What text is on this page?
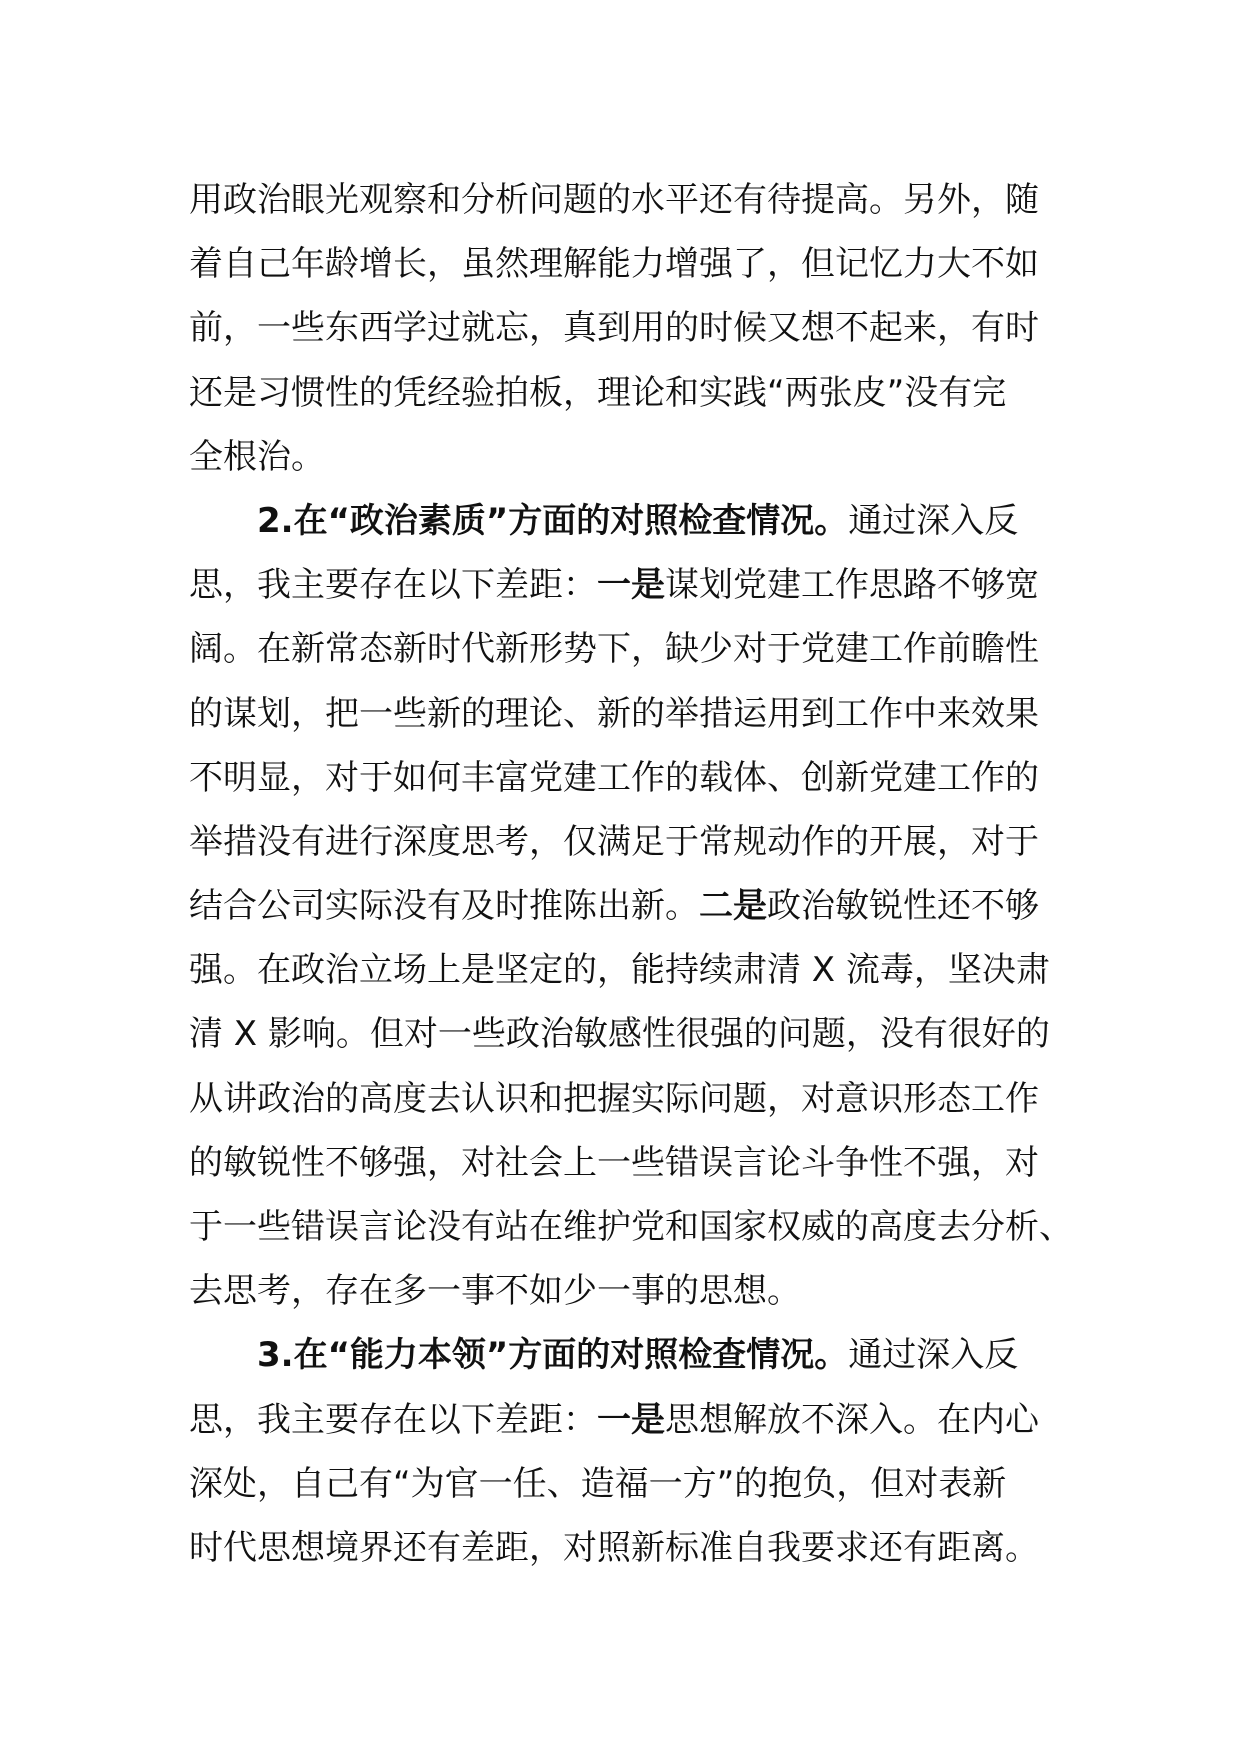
用政治眼光观察和分析问题的水平还有待提高。另外，随
着自己年龄增长，虽然理解能力增强了，但记忆力大不如
前，一些东西学过就忘，真到用的时候又想不起来，有时
还是习惯性的凭经验拍板，理论和实践“两张皮”没有完
全根治。
2.在“政治素质”方面的对照检查情况。通过深入反
思，我主要存在以下差距：一是谋划党建工作思路不够宽
阔。在新常态新时代新形势下，缺少对于党建工作前瞻性
的谋划，把一些新的理论、新的举措运用到工作中来效果
不明显，对于如何丰富党建工作的载体、创新党建工作的
举措没有进行深度思考，仅满足于常规动作的开展，对于
结合公司实际没有及时推陈出新。二是政治敏锐性还不够
强。在政治立场上是坚定的，能持续肃清 X 流毒，坚决肃
清 X 影响。但对一些政治敏感性很强的问题，没有很好的
从讲政治的高度去认识和把握实际问题，对意识形态工作
的敏锐性不够强，对社会上一些错误言论斗争性不强，对
于一些错误言论没有站在维护党和国家权威的高度去分析、
去思考，存在多一事不如少一事的思想。
3.在“能力本领”方面的对照检查情况。通过深入反
思，我主要存在以下差距：一是思想解放不深入。在内心
深处，自己有“为官一任、造福一方”的抱负，但对表新
时代思想境界还有差距，对照新标准自我要求还有距离。
